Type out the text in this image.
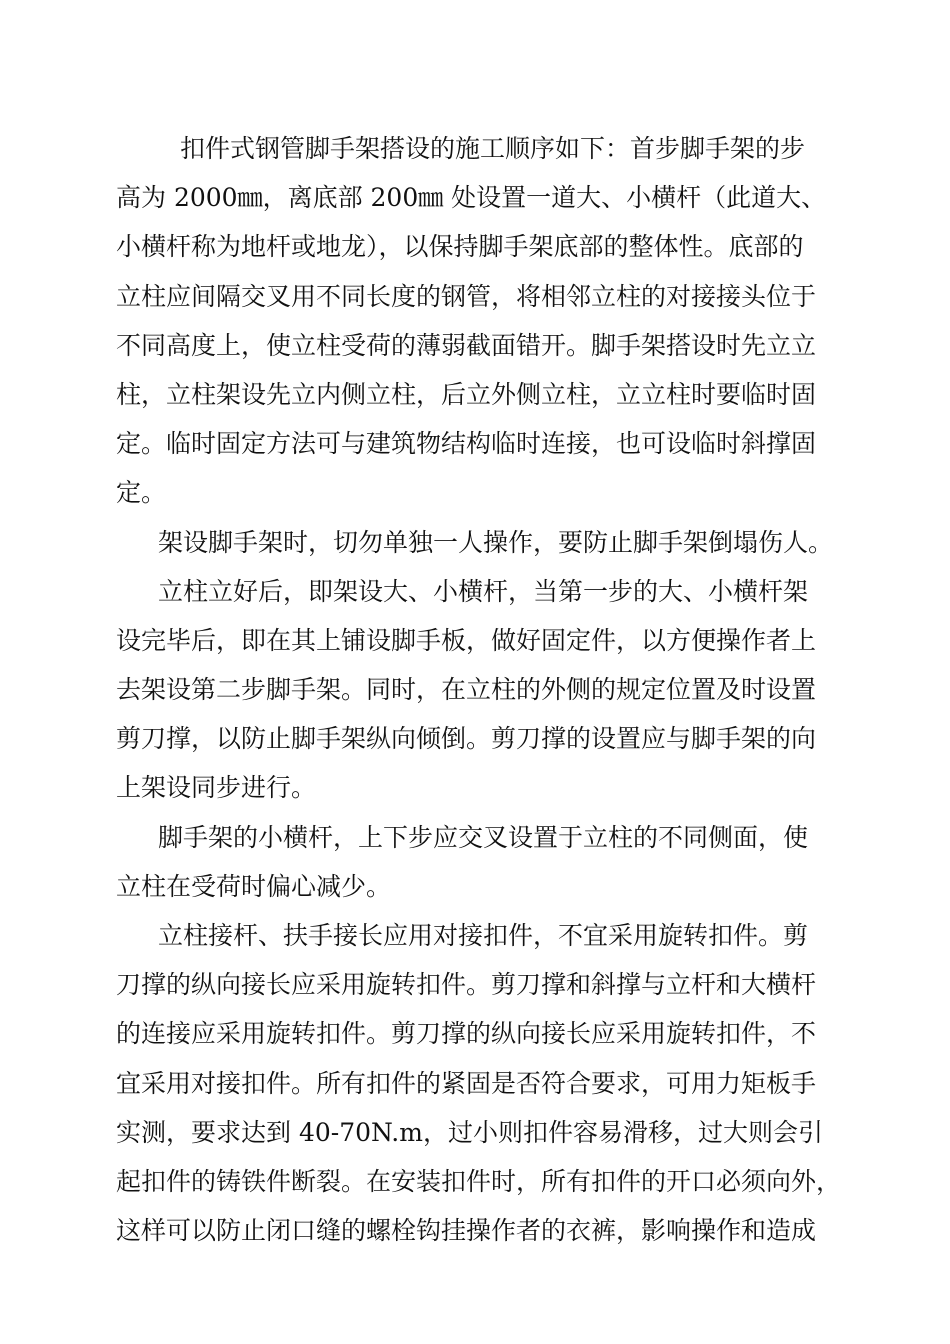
扣件式钢管脚手架搭设的施工顺序如下：首步脚手架的步
高为 2000㎜，离底部 200㎜ 处设置一道大、小横杆（此道大、
小横杆称为地杆或地龙），以保持脚手架底部的整体性。底部的
立柱应间隔交叉用不同长度的钢管，将相邻立柱的对接接头位于
不同高度上，使立柱受荷的薄弱截面错开。脚手架搭设时先立立
柱，立柱架设先立内侧立柱，后立外侧立柱，立立柱时要临时固
定。临时固定方法可与建筑物结构临时连接，也可设临时斜撑固
定。
架设脚手架时，切勿单独一人操作，要防止脚手架倒塌伤人。
立柱立好后，即架设大、小横杆，当第一步的大、小横杆架
设完毕后，即在其上铺设脚手板，做好固定件，以方便操作者上
去架设第二步脚手架。同时，在立柱的外侧的规定位置及时设置
剪刀撑，以防止脚手架纵向倾倒。剪刀撑的设置应与脚手架的向
上架设同步进行。
脚手架的小横杆，上下步应交叉设置于立柱的不同侧面，使
立柱在受荷时偏心减少。
立柱接杆、扶手接长应用对接扣件，不宜采用旋转扣件。剪
刀撑的纵向接长应采用旋转扣件。剪刀撑和斜撑与立杆和大横杆
的连接应采用旋转扣件。剪刀撑的纵向接长应采用旋转扣件，不
宜采用对接扣件。所有扣件的紧固是否符合要求，可用力矩板手
实测，要求达到 40-70N.m，过小则扣件容易滑移，过大则会引
起扣件的铸铁件断裂。在安装扣件时，所有扣件的开口必须向外，
这样可以防止闭口缝的螺栓钩挂操作者的衣裤，影响操作和造成
